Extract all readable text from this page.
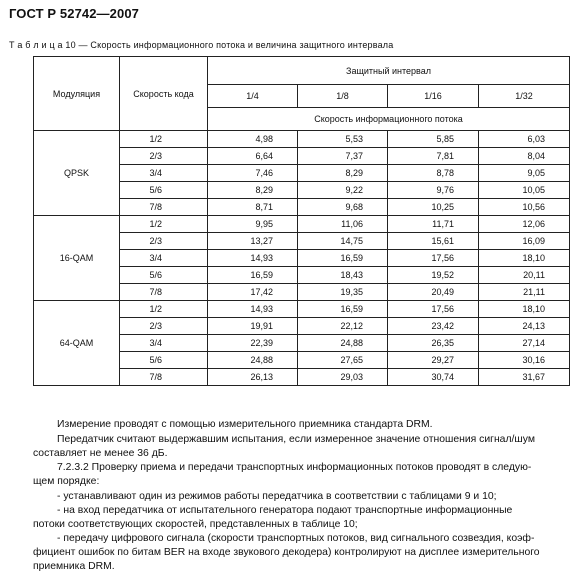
ГОСТ Р 52742—2007
Т а б л и ц а 10 — Скорость информационного потока и величина защитного интервала
Модуляция	Скорость кода	Защитный интервал			
		1/4	1/8	1/16	1/32
		Скорость информационного потока			
QPSK	1/2	4,98	5,53	5,85	6,03
	2/3	6,64	7,37	7,81	8,04
	3/4	7,46	8,29	8,78	9,05
	5/6	8,29	9,22	9,76	10,05
	7/8	8,71	9,68	10,25	10,56
16-QAM	1/2	9,95	11,06	11,71	12,06
	2/3	13,27	14,75	15,61	16,09
	3/4	14,93	16,59	17,56	18,10
	5/6	16,59	18,43	19,52	20,11
	7/8	17,42	19,35	20,49	21,11
64-QAM	1/2	14,93	16,59	17,56	18,10
	2/3	19,91	22,12	23,42	24,13
	3/4	22,39	24,88	26,35	27,14
	5/6	24,88	27,65	29,27	30,16
	7/8	26,13	29,03	30,74	31,67
Измерение проводят с помощью измерительного приемника стандарта DRM.
Передатчик считают выдержавшим испытания, если измеренное значение отношения сигнал/шум
составляет не менее 36 дБ.
7.2.3.2 Проверку приема и передачи транспортных информационных потоков проводят в следую-
щем порядке:
- устанавливают один из режимов работы передатчика в соответствии с таблицами 9 и 10;
- на вход передатчика от испытательного генератора подают транспортные информационные
потоки соответствующих скоростей, представленных в таблице 10;
- передачу цифрового сигнала (скорости транспортных потоков, вид сигнального созвездия, коэф-
фициент ошибок по битам BER на входе звукового декодера) контролируют на дисплее измерительного
приемника DRM.
